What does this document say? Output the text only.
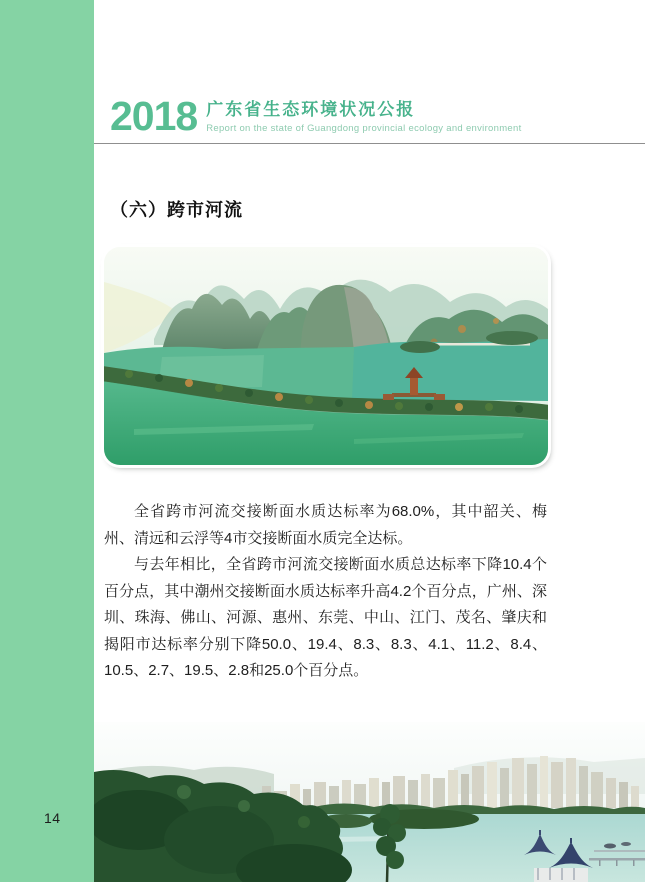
14
2018 广东省生态环境状况公报
Report on the state of Guangdong provincial ecology and environment
（六）跨市河流

全省跨市河流交接断面水质达标率为68.0%，其中韶关、梅州、清远和云浮等4市交接断面水质完全达标。

与去年相比，全省跨市河流交接断面水质总达标率下降10.4个百分点，其中潮州交接断面水质达标率升高4.2个百分点，广州、深圳、珠海、佛山、河源、惠州、东莞、中山、江门、茂名、肇庆和揭阳市达标率分别下降50.0、19.4、8.3、8.3、4.1、11.2、8.4、10.5、2.7、19.5、2.8和25.0个百分点。
